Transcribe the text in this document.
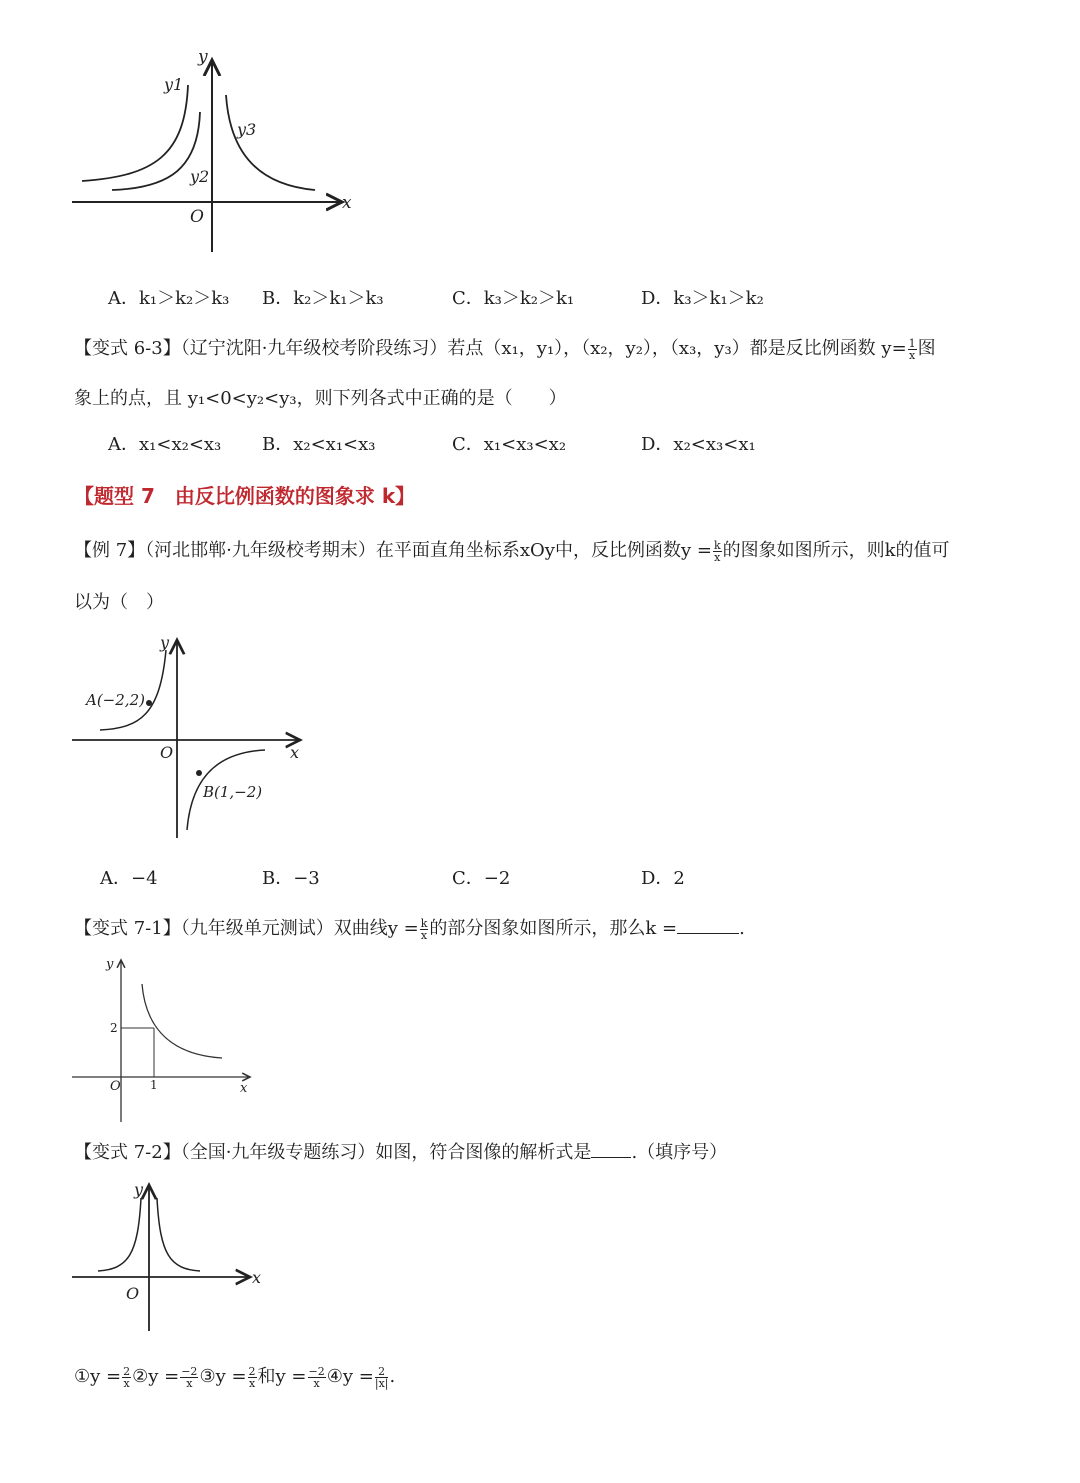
y
x
O
y1
y2
y3
A．k₁＞k₂＞k₃ B．k₂＞k₁＞k₃	C．k₃＞k₂＞k₁	D．k₃＞k₁＞k₂
【变式 6-3】（辽宁沈阳·九年级校考阶段练习）若点（x₁，y₁），（x₂，y₂），（x₃，y₃）都是反比例函数 $y= \frac{1}{x}$ 图
象上的点，且 y₁<0<y₂<y₃，则下列各式中正确的是（　　）
A．x₁<x₂<x₃ B．x₂<x₁<x₃	C．x₁<x₃<x₂	D．x₂<x₃<x₁
【题型 7　由反比例函数的图象求 k】
【例 7】（河北邯郸·九年级校考期末）在平面直角坐标系xOy中，反比例函数$y = \frac{k}{x}$ 的图象如图所示，则k的值可
以为（　）
y
x
O
A(−2,2)
B(1,−2)
A．−4	B．−3	C．−2	D．2
【变式 7-1】（九年级单元测试）双曲线$y = \frac{k}{x}$ 的部分图象如图所示，那么k =	.
y
x
O
2
1
【变式 7-2】（全国·九年级专题练习）如图，符合图像的解析式是 .（填序号）
y
x
O
①y = $\frac{2}{x}$ ②y = $\frac{-2}{x}$ ③y = $\frac{2}{x}$ 和$y = \frac{-2}{x}$ ④y = $\frac{2}{|x|}$ .
